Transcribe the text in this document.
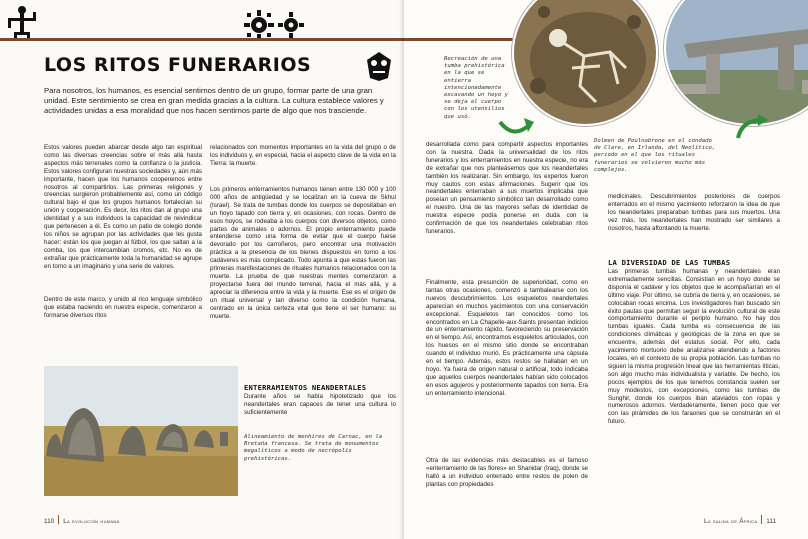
LOS RITOS FUNERARIOS

Para nosotros, los humanos, es esencial sentirnos dentro de un grupo, formar parte de una gran unidad. Este sentimiento se crea en gran medida gracias a la cultura. La cultura establece valores y actividades unidas a esa moralidad que nos hacen sentirnos parte de algo que nos trasciende.

Estos valores pueden abarcar desde algo tan espiritual como las diversas creencias sobre el más allá hasta aspectos más terrenales como la confianza o la justicia. Estos valores configuran nuestras sociedades y, aún más importante, hacen que los humanos cooperemos entre nosotros al compartirlos. Las primeras religiones y creencias surgieron probablemente así, como un código cultural bajo el que los grupos humanos fortalecían su unión y cooperación. Es decir, los ritos dan al grupo una identidad y a sus individuos la capacidad de reivindicar que pertenecen a él. Es como un patio de colegio donde los niños se agrupan por las actividades que les gusta hacer: están los que juegan al fútbol, los que saltan a la comba, los que intercambian cromos, etc. No es de extrañar que prácticamente toda la humanidad se agrupe en torno a un imaginario y una serie de valores.

Dentro de este marco, y unido al rico lenguaje simbólico que estaba naciendo en nuestra especie, comenzaron a formarse diversos ritos

relacionados con momentos importantes en la vida del grupo o de los individuos y, en especial, hacia el aspecto clave de la vida en la Tierra: la muerte.

Los primeros enterramientos humanos tienen entre 130 000 y 100 000 años de antigüedad y se localizan en la cueva de Skhul (Israel). Se trata de tumbas donde los cuerpos se depositaban en un hoyo tapado con tierra y, en ocasiones, con rocas. Dentro de esos hoyos, se rodeaba a los cuerpos con diversos objetos, como partes de animales o adornos. El propio enterramiento puede entenderse como una forma de evitar que el cuerpo fuese devorado por los carroñeros, pero encontrar una motivación práctica a la presencia de los bienes dispuestos en torno a los cadáveres es más complicado. Todo apunta a que estas fueron las primeras manifestaciones de rituales humanos relacionados con la muerte. La prueba de que nuestras mentes comenzaron a proyectarse fuera del mundo terrenal, hacia el más allá, y a apreciar la diferencia entre la vida y la muerte. Ese es el origen de un ritual universal y tan diverso como la condición humana, centrado en la única certeza vital que tiene el ser humano: su muerte.

ENTERRAMIENTOS NEANDERTALES

Durante años se había hipotetizado que los neandertales eran capaces de tener una cultura lo suficientemente

Alineamiento de menhires de Carnac, en la Bretaña francesa. Se trata de monumentos megalíticos a modo de necrópolis prehistóricas.

110 La evolución humana

Recreación de una tumba prehistórica en la que se entierra intencionadamente excavando un hoyo y se deja el cuerpo con los utensilios que usó.

Dolmen de Poulnabrone en el condado de Clare, en Irlanda, del Neolítico, periodo en el que los rituales funerarios se volvieron mucho más complejos.

desarrollada como para compartir aspectos importantes con la nuestra. Dada la universalidad de los ritos funerarios y los enterramientos en nuestra especie, no era de extrañar que nos planteásemos que los neandertales también los realizaran. Sin embargo, los expertos fueron muy cautos con estas afirmaciones. Sugerir que los neandertales enterraban a sus muertos implicaba que poseían un pensamiento simbólico tan desarrollado como el nuestro. Una de las mayores señas de identidad de nuestra especie podía ponerse en duda con la confirmación de que los neandertales celebraban ritos funerarios.

Finalmente, esta presunción de superioridad, como en tantas otras ocasiones, comenzó a tambalearse con los nuevos descubrimientos. Los esqueletos neandertales aparecían en muchos yacimientos con una conservación excepcional. Esqueletos tan conocidos como los encontrados en La Chapelle-aux-Saints presentan indicios de un enterramiento rápido, favoreciendo su preservación en el tiempo. Así, encontramos esqueletos articulados, con los huesos en el mismo sitio donde se encontraban cuando el individuo murió. Es prácticamente una cápsula en el tiempo. Además, estos restos se hallaban en un hoyo. Ya fuera de origen natural o artificial, todo indicaba que aquellos cuerpos neandertales habían sido colocados en esos agujeros y posteriormente tapados con tierra. Era un enterramiento intencional.

Otra de las evidencias más destacables es el famoso «enterramiento de las flores» en Shanidar (Iraq), donde se halló a un individuo enterrado entre restos de polen de plantas con propiedades

medicinales. Descubrimientos posteriores de cuerpos enterrados en el mismo yacimiento reforzaron la idea de que los neandertales preparaban tumbas para sus muertos. Una vez más, los neandertales han mostrado ser similares a nosotros, hasta aftontando la muerte.

LA DIVERSIDAD DE LAS TUMBAS

Las primeras tumbas humanas y neandertales eran extremadamente sencillas. Consistían en un hoyo donde se disponía el cadáver y los objetos que le acompañarían en el último viaje. Por último, se cubría de tierra y, en ocasiones, se colocaban rocas encima. Los investigadores han buscado sin éxito pautas que permitan seguir la evolución cultural de este comportamiento durante el periplo humano. No hay dos tumbas iguales. Cada tumba es consecuencia de las condiciones climáticas y geológicas de la zona en que se encuentre, además del estatus social. Por ello, cada yacimiento mortuorio debe analizarse atendiendo a factores locales, en el contexto de su propia población. Las tumbas no siguen la misma progresión lineal que las herramientas líticas, son algo mucho más individualista y variable. De hecho, los pocos ejemplos de los que tenemos constancia suelen ser muy modestos, con excepciones, como las tumbas de Sunghir, donde los cuerpos iban ataviados con ropas y numerosos adornos. Verdaderamente, tienen poco que ver con las pirámides de los faraones que se construirán en el futuro.

La salida de África 111
